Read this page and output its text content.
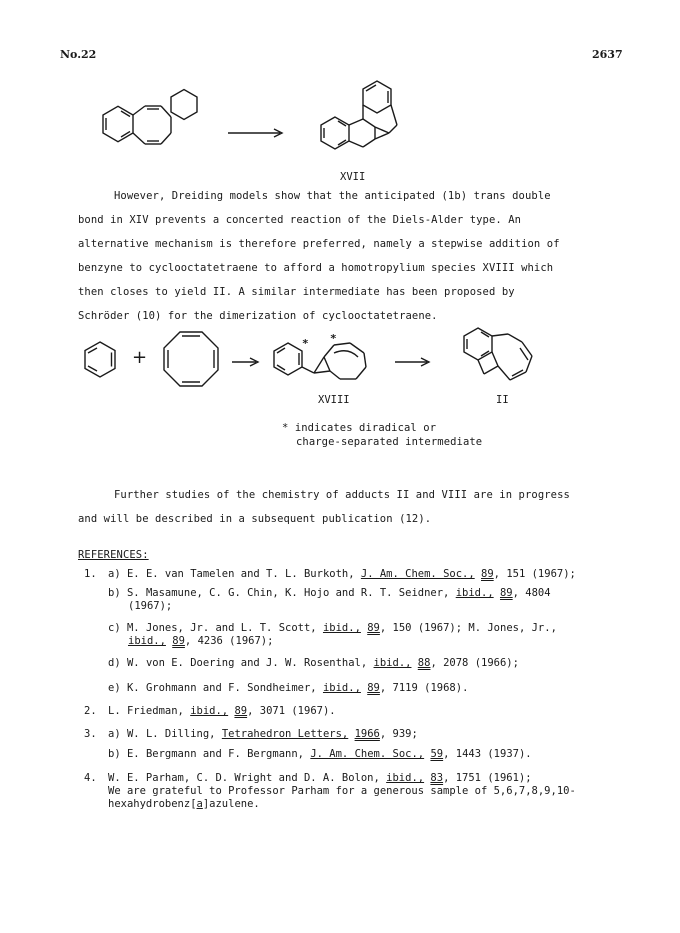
No.22	2637
XVII
However, Dreiding models show that the anticipated (1b) trans double
bond in XIV prevents a concerted reaction of the Diels-Alder type. An
alternative mechanism is therefore preferred, namely a stepwise addition of
benzyne to cyclooctatetraene to afford a homotropylium species XVIII which
then closes to yield II. A similar intermediate has been proposed by
Schröder (10) for the dimerization of cyclooctatetraene.
+
* *
XVIII	II
* indicates diradical or
charge-separated intermediate
Further studies of the chemistry of adducts II and VIII are in progress
and will be described in a subsequent publication (12).
REFERENCES:
1. a) E. E. van Tamelen and T. L. Burkoth, J. Am. Chem. Soc., 89, 151 (1967);
b) S. Masamune, C. G. Chin, K. Hojo and R. T. Seidner, ibid., 89, 4804
(1967);
c) M. Jones, Jr. and L. T. Scott, ibid., 89, 150 (1967); M. Jones, Jr.,
ibid., 89, 4236 (1967);
d) W. von E. Doering and J. W. Rosenthal, ibid., 88, 2078 (1966);
e) K. Grohmann and F. Sondheimer, ibid., 89, 7119 (1968).
2. L. Friedman, ibid., 89, 3071 (1967).
3. a) W. L. Dilling, Tetrahedron Letters, 1966, 939;
b) E. Bergmann and F. Bergmann, J. Am. Chem. Soc., 59, 1443 (1937).
4. W. E. Parham, C. D. Wright and D. A. Bolon, ibid., 83, 1751 (1961);
We are grateful to Professor Parham for a generous sample of 5,6,7,8,9,10-
hexahydrobenz[a]azulene.
